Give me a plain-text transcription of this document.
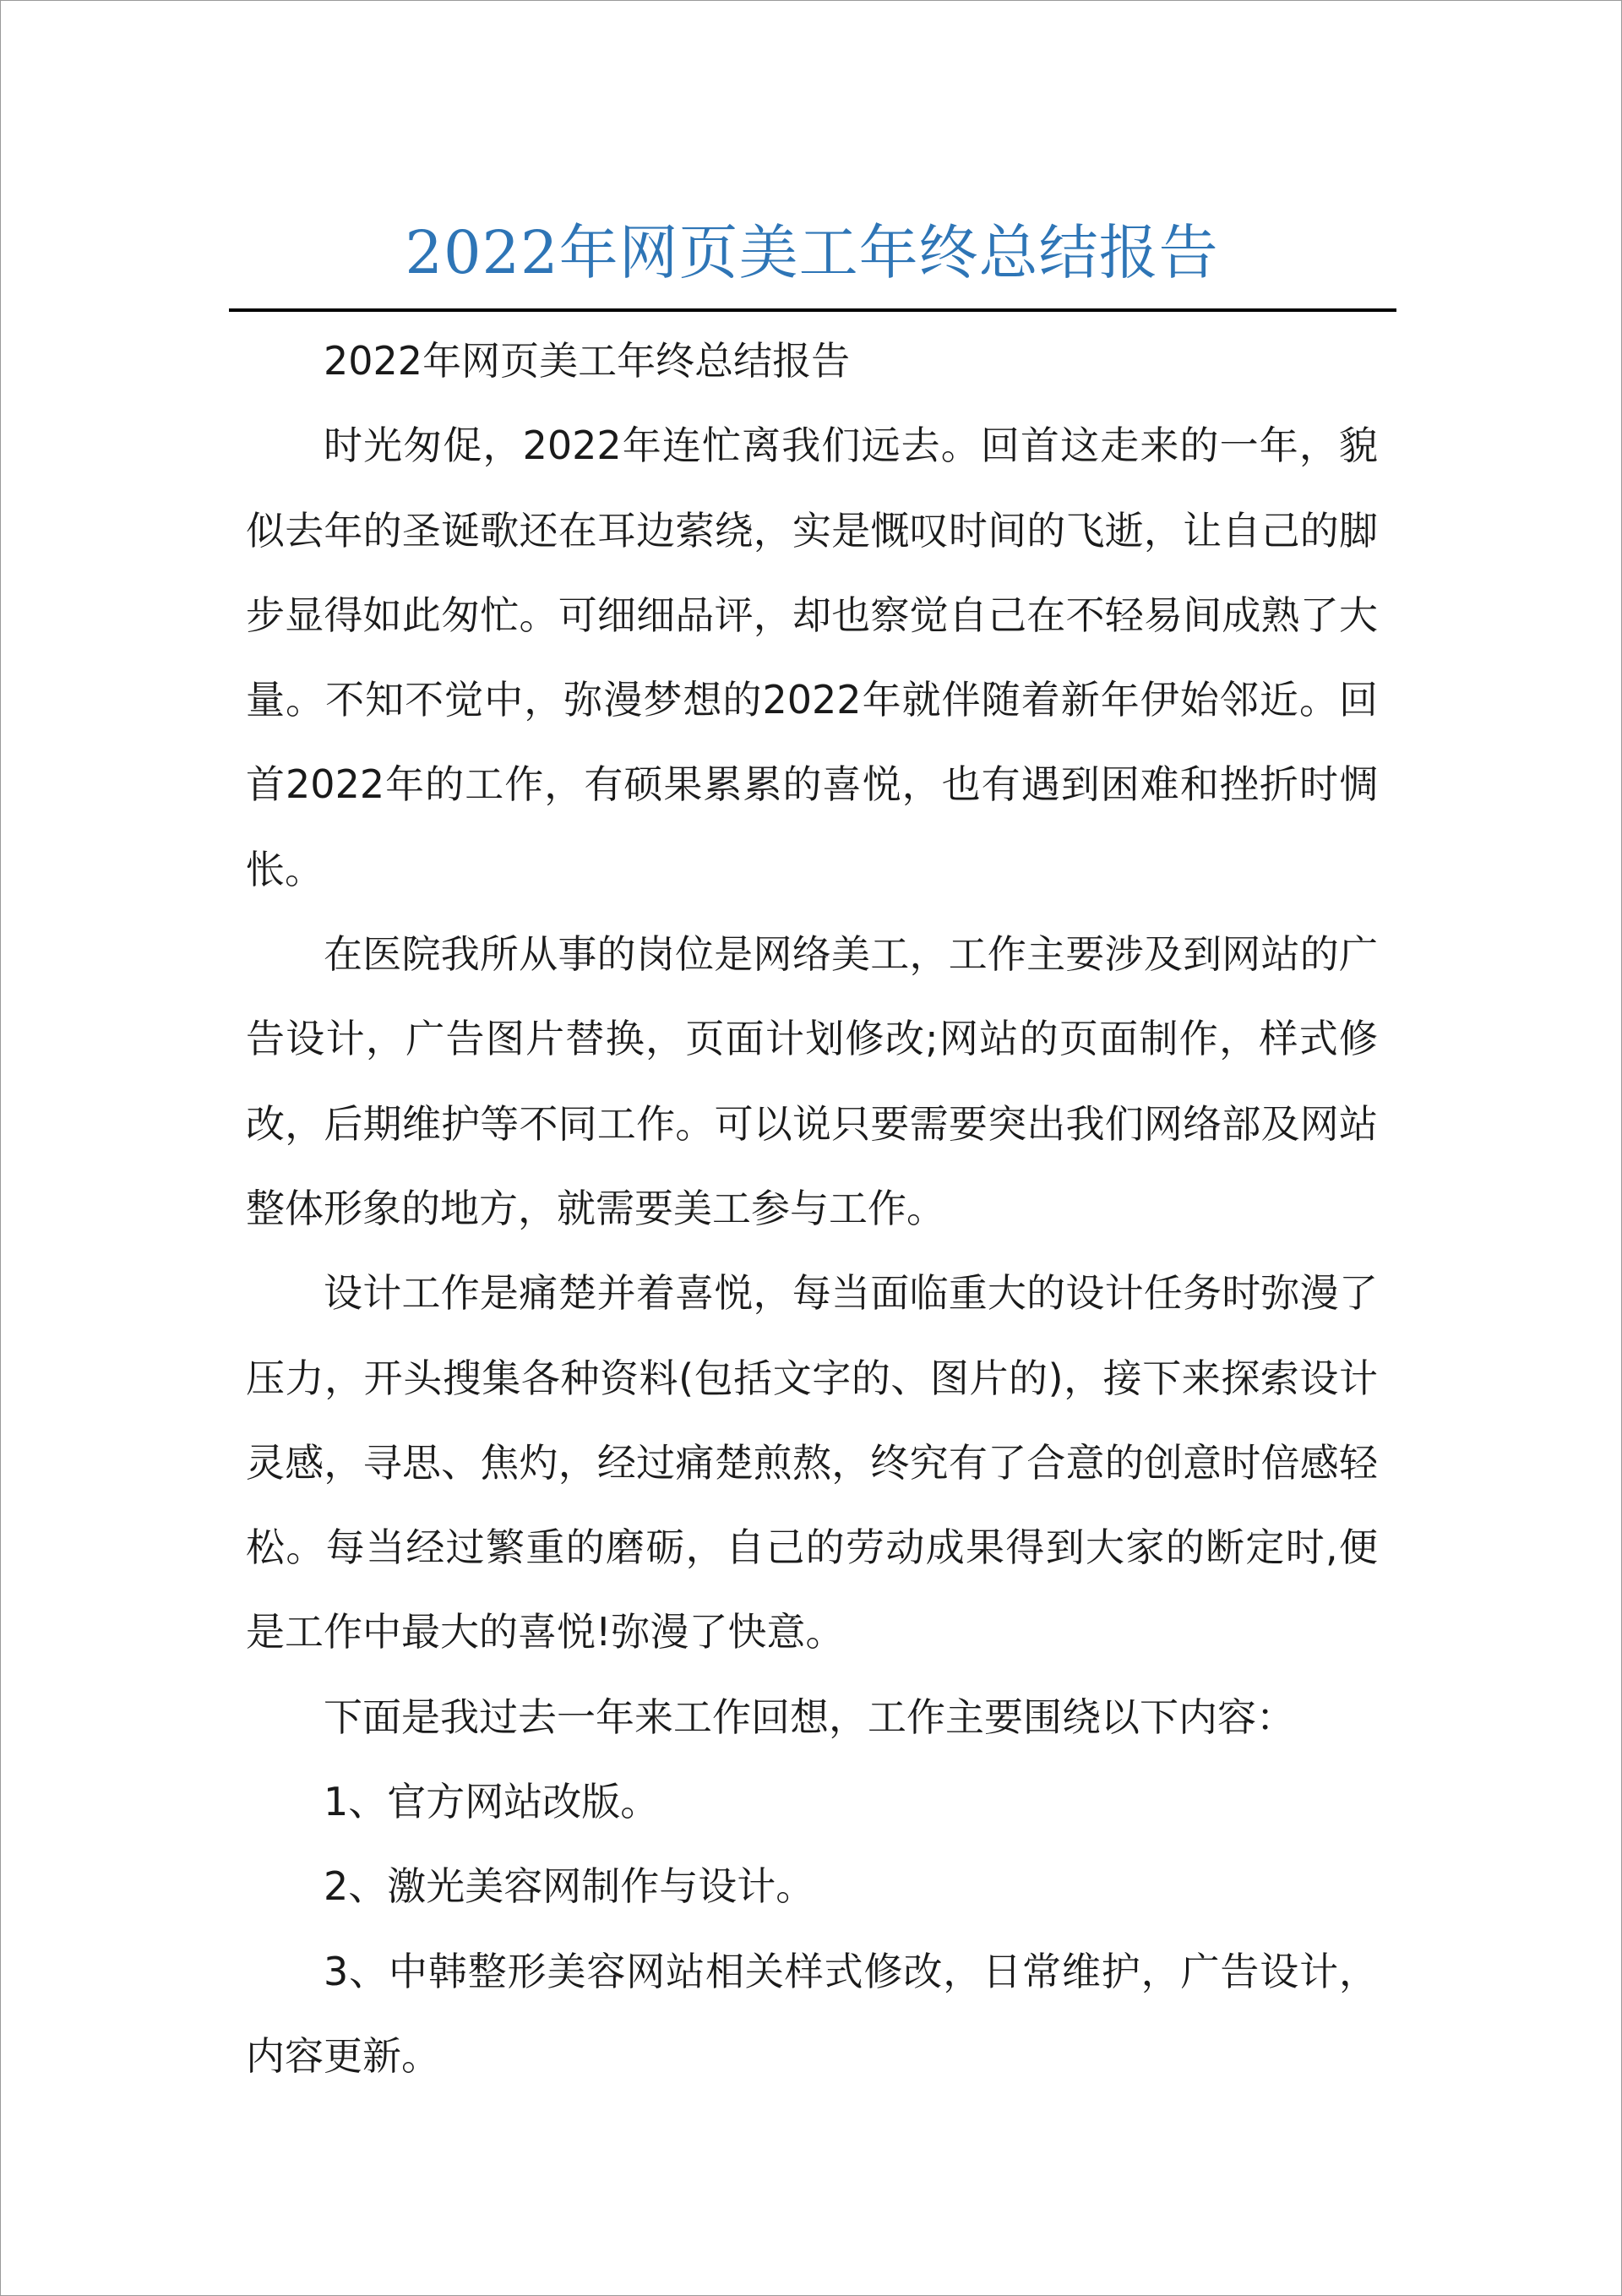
2022年网页美工年终总结报告

2022年网页美工年终总结报告

时光匆促，2022年连忙离我们远去。回首这走来的一年，貌似去年的圣诞歌还在耳边萦绕，实是慨叹时间的飞逝，让自己的脚步显得如此匆忙。可细细品评，却也察觉自己在不轻易间成熟了大量。不知不觉中，弥漫梦想的2022年就伴随着新年伊始邻近。回首2022年的工作，有硕果累累的喜悦，也有遇到困难和挫折时惆怅。

在医院我所从事的岗位是网络美工，工作主要涉及到网站的广告设计，广告图片替换，页面计划修改;网站的页面制作，样式修改，后期维护等不同工作。可以说只要需要突出我们网络部及网站整体形象的地方，就需要美工参与工作。

设计工作是痛楚并着喜悦，每当面临重大的设计任务时弥漫了压力，开头搜集各种资料(包括文字的、图片的)，接下来探索设计灵感，寻思、焦灼，经过痛楚煎熬，终究有了合意的创意时倍感轻松。每当经过繁重的磨砺，自己的劳动成果得到大家的断定时,便是工作中最大的喜悦!弥漫了快意。

下面是我过去一年来工作回想，工作主要围绕以下内容：

1、官方网站改版。

2、激光美容网制作与设计。

3、中韩整形美容网站相关样式修改，日常维护，广告设计，内容更新。
